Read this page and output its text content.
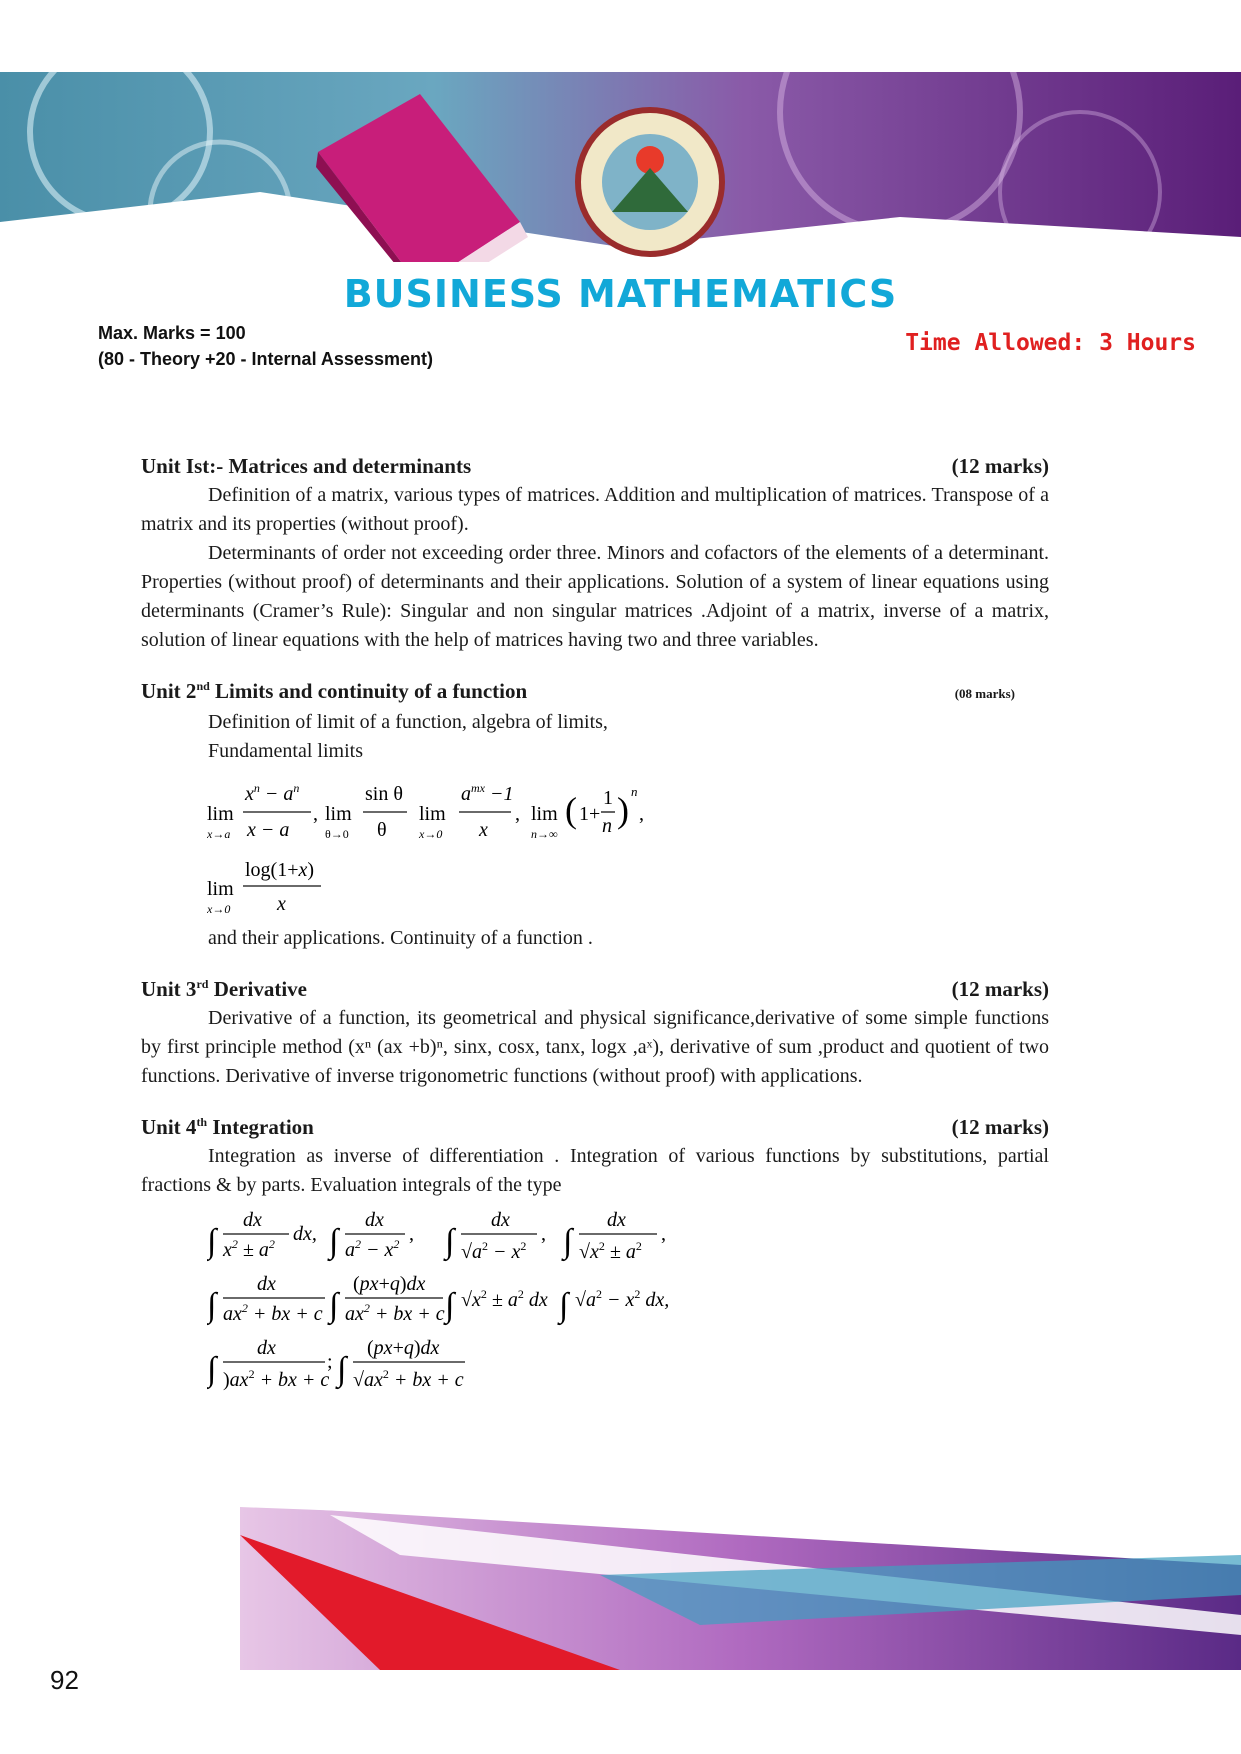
BUSINESS MATHEMATICS
Max. Marks = 100
(80 - Theory +20 - Internal Assessment)
Time Allowed: 3 Hours
Unit Ist:- Matrices and determinants	(12 marks)
Definition of a matrix, various types of matrices. Addition and multiplication of matrices. Transpose of a matrix and its properties (without proof).
Determinants of order not exceeding order three. Minors and cofactors of the elements of a determinant. Properties (without proof) of determinants and their applications. Solution of a system of linear equations using determinants (Cramer’s Rule): Singular and non singular matrices .Adjoint of a matrix, inverse of a matrix, solution of linear equations with the help of matrices having two and three variables.
Unit 2nd Limits and continuity of a function	(08 marks)
Definition of limit of a function, algebra of limits,
Fundamental limits
lim
x→a
$x^n - a^n$
x − a
, lim
θ→0
sin θ
θ
lim
x→0
$a^{mx} -1$
x
, lim
n→∞
( 1+
1
n ) n
,
lim
x→0
log(1+x)
x
and their applications. Continuity of a function .
Unit 3rd Derivative	(12 marks)
Derivative of a function, its geometrical and physical significance,derivative of some simple functions by first principle method (xⁿ (ax +b)ⁿ, sinx, cosx, tanx, logx ,aˣ), derivative of sum ,product and quotient of two functions. Derivative of inverse trigonometric functions (without proof) with applications.
Unit 4th Integration	(12 marks)
Integration as inverse of differentiation . Integration of various functions by substitutions, partial fractions & by parts. Evaluation integrals of the type
∫
dx
$x^2 \pm a^2$ dx, ∫
dx
$a^2 - x^2$ , ∫
dx
$√a^2 - x^2$
, ∫
dx
$√x^2 \pm a^2$
,
∫
dx
$ax^2$ + bx + c ∫
(px+q)dx
$ax^2$ + bx + c ∫ $√x^2 \pm a^2$ dx ∫ $√a^2 - x^2$ dx,
∫
dx
)$ax^2$ + bx + c
; ∫
(px+q)dx
$√ax^2$ + bx + c
92
